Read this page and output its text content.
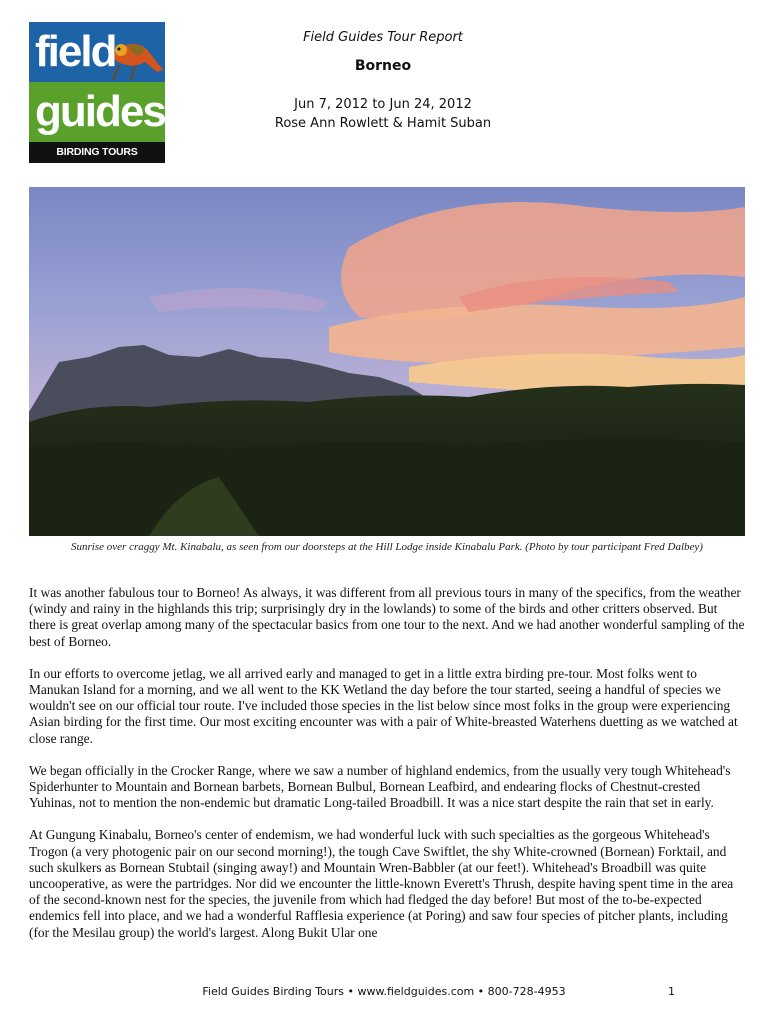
field
guides
BIRDING TOURS WORLDWIDE
Field Guides Tour Report
Borneo
Jun 7, 2012 to Jun 24, 2012
Rose Ann Rowlett & Hamit Suban
Sunrise over craggy Mt. Kinabalu, as seen from our doorsteps at the Hill Lodge inside Kinabalu Park. (Photo by tour participant Fred Dalbey)

It was another fabulous tour to Borneo! As always, it was different from all previous tours in many of the specifics, from the weather (windy and rainy in the highlands this trip; surprisingly dry in the lowlands) to some of the birds and other critters observed. But there is great overlap among many of the spectacular basics from one tour to the next. And we had another wonderful sampling of the best of Borneo.

In our efforts to overcome jetlag, we all arrived early and managed to get in a little extra birding pre-tour. Most folks went to Manukan Island for a morning, and we all went to the KK Wetland the day before the tour started, seeing a handful of species we wouldn't see on our official tour route. I've included those species in the list below since most folks in the group were experiencing Asian birding for the first time. Our most exciting encounter was with a pair of White-breasted Waterhens duetting as we watched at close range.

We began officially in the Crocker Range, where we saw a number of highland endemics, from the usually very tough Whitehead's Spiderhunter to Mountain and Bornean barbets, Bornean Bulbul, Bornean Leafbird, and endearing flocks of Chestnut-crested Yuhinas, not to mention the non-endemic but dramatic Long-tailed Broadbill. It was a nice start despite the rain that set in early.

At Gungung Kinabalu, Borneo's center of endemism, we had wonderful luck with such specialties as the gorgeous Whitehead's Trogon (a very photogenic pair on our second morning!), the tough Cave Swiftlet, the shy White-crowned (Bornean) Forktail, and such skulkers as Bornean Stubtail (singing away!) and Mountain Wren-Babbler (at our feet!). Whitehead's Broadbill was quite uncooperative, as were the partridges. Nor did we encounter the little-known Everett's Thrush, despite having spent time in the area of the second-known nest for the species, the juvenile from which had fledged the day before! But most of the to-be-expected endemics fell into place, and we had a wonderful Rafflesia experience (at Poring) and saw four species of pitcher plants, including (for the Mesilau group) the world's largest. Along Bukit Ular one

Field Guides Birding Tours • www.fieldguides.com • 800-728-4953	1
